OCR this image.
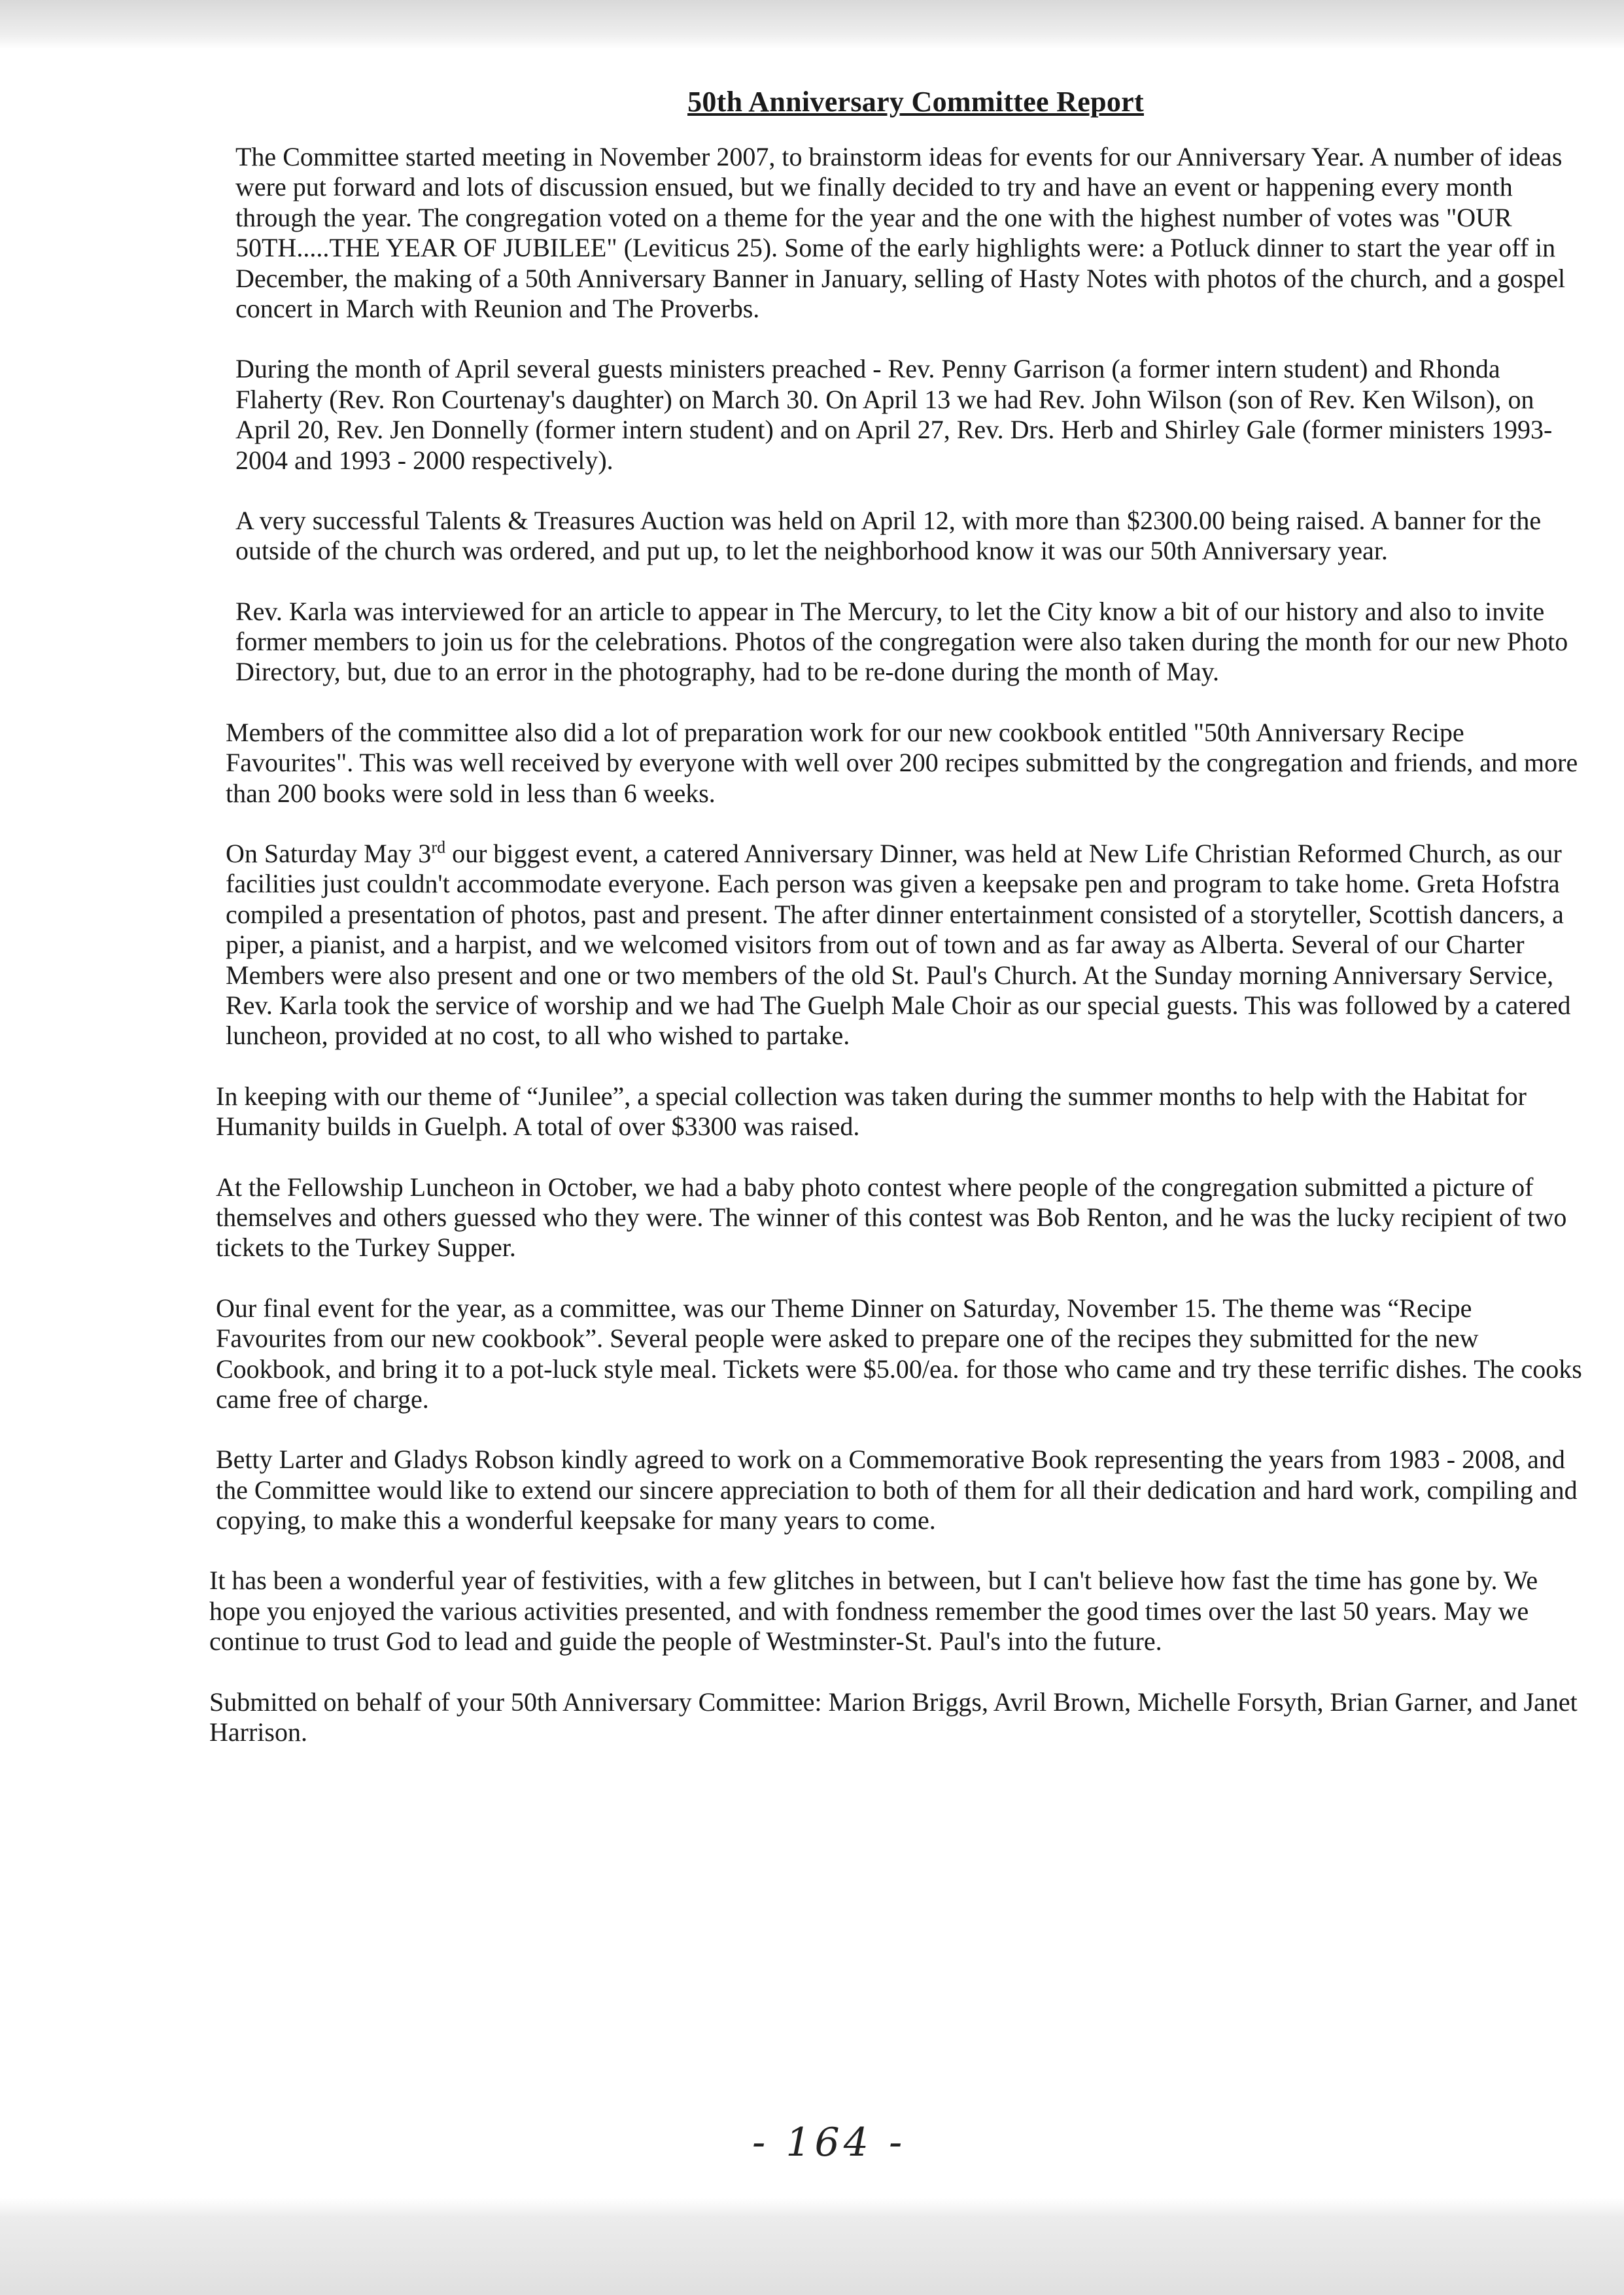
50th Anniversary Committee Report

The Committee started meeting in November 2007, to brainstorm ideas for events for our Anniversary Year. A number of ideas were put forward and lots of discussion ensued, but we finally decided to try and have an event or happening every month through the year. The congregation voted on a theme for the year and the one with the highest number of votes was "OUR 50TH.....THE YEAR OF JUBILEE" (Leviticus 25). Some of the early highlights were: a Potluck dinner to start the year off in December, the making of a 50th Anniversary Banner in January, selling of Hasty Notes with photos of the church, and a gospel concert in March with Reunion and The Proverbs.

During the month of April several guests ministers preached - Rev. Penny Garrison (a former intern student) and Rhonda Flaherty (Rev. Ron Courtenay's daughter) on March 30. On April 13 we had Rev. John Wilson (son of Rev. Ken Wilson), on April 20, Rev. Jen Donnelly (former intern student) and on April 27, Rev. Drs. Herb and Shirley Gale (former ministers 1993-2004 and 1993 - 2000 respectively).

A very successful Talents & Treasures Auction was held on April 12, with more than $2300.00 being raised. A banner for the outside of the church was ordered, and put up, to let the neighborhood know it was our 50th Anniversary year.

Rev. Karla was interviewed for an article to appear in The Mercury, to let the City know a bit of our history and also to invite former members to join us for the celebrations. Photos of the congregation were also taken during the month for our new Photo Directory, but, due to an error in the photography, had to be re-done during the month of May.

Members of the committee also did a lot of preparation work for our new cookbook entitled "50th Anniversary Recipe Favourites". This was well received by everyone with well over 200 recipes submitted by the congregation and friends, and more than 200 books were sold in less than 6 weeks.

On Saturday May 3rd our biggest event, a catered Anniversary Dinner, was held at New Life Christian Reformed Church, as our facilities just couldn't accommodate everyone. Each person was given a keepsake pen and program to take home. Greta Hofstra compiled a presentation of photos, past and present. The after dinner entertainment consisted of a storyteller, Scottish dancers, a piper, a pianist, and a harpist, and we welcomed visitors from out of town and as far away as Alberta. Several of our Charter Members were also present and one or two members of the old St. Paul's Church. At the Sunday morning Anniversary Service, Rev. Karla took the service of worship and we had The Guelph Male Choir as our special guests. This was followed by a catered luncheon, provided at no cost, to all who wished to partake.

In keeping with our theme of “Junilee”, a special collection was taken during the summer months to help with the Habitat for Humanity builds in Guelph. A total of over $3300 was raised.

At the Fellowship Luncheon in October, we had a baby photo contest where people of the congregation submitted a picture of themselves and others guessed who they were. The winner of this contest was Bob Renton, and he was the lucky recipient of two tickets to the Turkey Supper.

Our final event for the year, as a committee, was our Theme Dinner on Saturday, November 15. The theme was “Recipe Favourites from our new cookbook”. Several people were asked to prepare one of the recipes they submitted for the new Cookbook, and bring it to a pot-luck style meal. Tickets were $5.00/ea. for those who came and try these terrific dishes. The cooks came free of charge.

Betty Larter and Gladys Robson kindly agreed to work on a Commemorative Book representing the years from 1983 - 2008, and the Committee would like to extend our sincere appreciation to both of them for all their dedication and hard work, compiling and copying, to make this a wonderful keepsake for many years to come.

It has been a wonderful year of festivities, with a few glitches in between, but I can't believe how fast the time has gone by. We hope you enjoyed the various activities presented, and with fondness remember the good times over the last 50 years. May we continue to trust God to lead and guide the people of Westminster-St. Paul's into the future.

Submitted on behalf of your 50th Anniversary Committee: Marion Briggs, Avril Brown, Michelle Forsyth, Brian Garner, and Janet Harrison.

- 164 -
